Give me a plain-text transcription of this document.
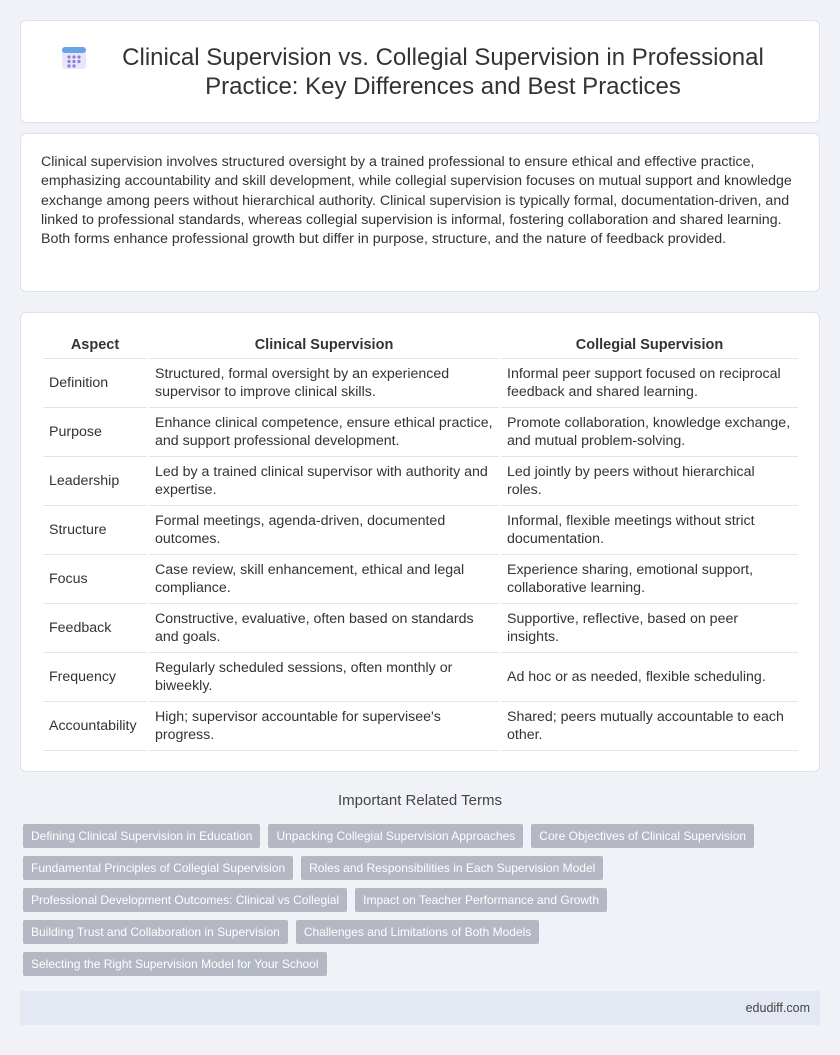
Clinical Supervision vs. Collegial Supervision in Professional Practice: Key Differences and Best Practices

Clinical supervision involves structured oversight by a trained professional to ensure ethical and effective practice, emphasizing accountability and skill development, while collegial supervision focuses on mutual support and knowledge exchange among peers without hierarchical authority. Clinical supervision is typically formal, documentation-driven, and linked to professional standards, whereas collegial supervision is informal, fostering collaboration and shared learning. Both forms enhance professional growth but differ in purpose, structure, and the nature of feedback provided.

Aspect	Clinical Supervision	Collegial Supervision
Definition	Structured, formal oversight by an experienced supervisor to improve clinical skills.	Informal peer support focused on reciprocal feedback and shared learning.
Purpose	Enhance clinical competence, ensure ethical practice, and support professional development.	Promote collaboration, knowledge exchange, and mutual problem-solving.
Leadership	Led by a trained clinical supervisor with authority and expertise.	Led jointly by peers without hierarchical roles.
Structure	Formal meetings, agenda-driven, documented outcomes.	Informal, flexible meetings without strict documentation.
Focus	Case review, skill enhancement, ethical and legal compliance.	Experience sharing, emotional support, collaborative learning.
Feedback	Constructive, evaluative, often based on standards and goals.	Supportive, reflective, based on peer insights.
Frequency	Regularly scheduled sessions, often monthly or biweekly.	Ad hoc or as needed, flexible scheduling.
Accountability	High; supervisor accountable for supervisee's progress.	Shared; peers mutually accountable to each other.
Important Related Terms
Defining Clinical Supervision in Education	Unpacking Collegial Supervision Approaches	Core Objectives of Clinical Supervision
Fundamental Principles of Collegial Supervision	Roles and Responsibilities in Each Supervision Model
Professional Development Outcomes: Clinical vs Collegial	Impact on Teacher Performance and Growth
Building Trust and Collaboration in Supervision	Challenges and Limitations of Both Models
Selecting the Right Supervision Model for Your School
edudiff.com
